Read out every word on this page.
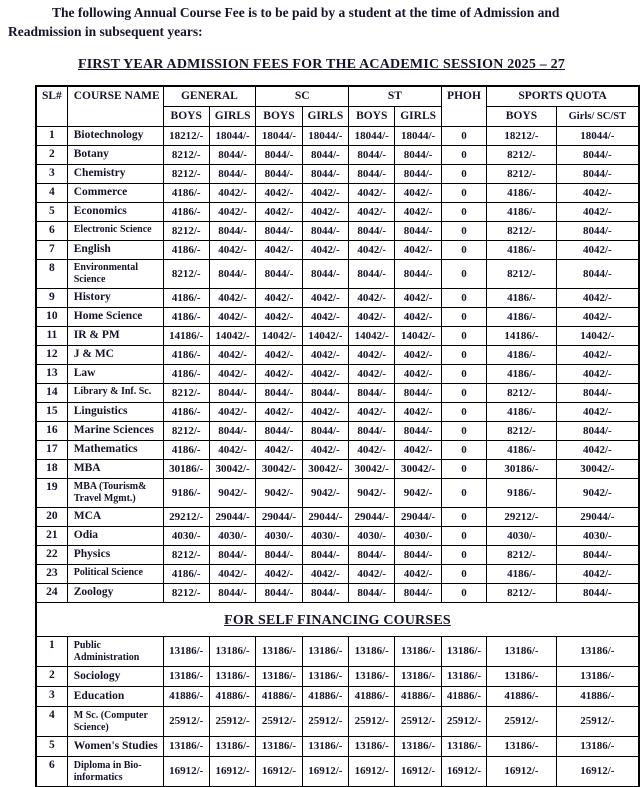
The following Annual Course Fee is to be paid by a student at the time of Admission and Readmission in subsequent years:

FIRST YEAR ADMISSION FEES FOR THE ACADEMIC SESSION 2025 – 27
SL#	COURSE NAME	GENERAL		SC		ST		PHOH	SPORTS QUOTA	
		BOYS	GIRLS	BOYS	GIRLS	BOYS	GIRLS		BOYS	Girls/ SC/ST
1	Biotechnology	18212/-	18044/-	18044/-	18044/-	18044/-	18044/-	0	18212/-	18044/-
2	Botany	8212/-	8044/-	8044/-	8044/-	8044/-	8044/-	0	8212/-	8044/-
3	Chemistry	8212/-	8044/-	8044/-	8044/-	8044/-	8044/-	0	8212/-	8044/-
4	Commerce	4186/-	4042/-	4042/-	4042/-	4042/-	4042/-	0	4186/-	4042/-
5	Economics	4186/-	4042/-	4042/-	4042/-	4042/-	4042/-	0	4186/-	4042/-
6	Electronic Science	8212/-	8044/-	8044/-	8044/-	8044/-	8044/-	0	8212/-	8044/-
7	English	4186/-	4042/-	4042/-	4042/-	4042/-	4042/-	0	4186/-	4042/-
8	Environmental Science	8212/-	8044/-	8044/-	8044/-	8044/-	8044/-	0	8212/-	8044/-
9	History	4186/-	4042/-	4042/-	4042/-	4042/-	4042/-	0	4186/-	4042/-
10	Home Science	4186/-	4042/-	4042/-	4042/-	4042/-	4042/-	0	4186/-	4042/-
11	IR & PM	14186/-	14042/-	14042/-	14042/-	14042/-	14042/-	0	14186/-	14042/-
12	J & MC	4186/-	4042/-	4042/-	4042/-	4042/-	4042/-	0	4186/-	4042/-
13	Law	4186/-	4042/-	4042/-	4042/-	4042/-	4042/-	0	4186/-	4042/-
14	Library & Inf. Sc.	8212/-	8044/-	8044/-	8044/-	8044/-	8044/-	0	8212/-	8044/-
15	Linguistics	4186/-	4042/-	4042/-	4042/-	4042/-	4042/-	0	4186/-	4042/-
16	Marine Sciences	8212/-	8044/-	8044/-	8044/-	8044/-	8044/-	0	8212/-	8044/-
17	Mathematics	4186/-	4042/-	4042/-	4042/-	4042/-	4042/-	0	4186/-	4042/-
18	MBA	30186/-	30042/-	30042/-	30042/-	30042/-	30042/-	0	30186/-	30042/-
19	MBA (Tourism& Travel Mgmt.)	9186/-	9042/-	9042/-	9042/-	9042/-	9042/-	0	9186/-	9042/-
20	MCA	29212/-	29044/-	29044/-	29044/-	29044/-	29044/-	0	29212/-	29044/-
21	Odia	4030/-	4030/-	4030/-	4030/-	4030/-	4030/-	0	4030/-	4030/-
22	Physics	8212/-	8044/-	8044/-	8044/-	8044/-	8044/-	0	8212/-	8044/-
23	Political Science	4186/-	4042/-	4042/-	4042/-	4042/-	4042/-	0	4186/-	4042/-
24	Zoology	8212/-	8044/-	8044/-	8044/-	8044/-	8044/-	0	8212/-	8044/-
FOR SELF FINANCING COURSES										
1	Public Administration	13186/-	13186/-	13186/-	13186/-	13186/-	13186/-	13186/-	13186/-	13186/-
2	Sociology	13186/-	13186/-	13186/-	13186/-	13186/-	13186/-	13186/-	13186/-	13186/-
3	Education	41886/-	41886/-	41886/-	41886/-	41886/-	41886/-	41886/-	41886/-	41886/-
4	M Sc. (Computer Science)	25912/-	25912/-	25912/-	25912/-	25912/-	25912/-	25912/-	25912/-	25912/-
5	Women's Studies	13186/-	13186/-	13186/-	13186/-	13186/-	13186/-	13186/-	13186/-	13186/-
6	Diploma in Bio-informatics	16912/-	16912/-	16912/-	16912/-	16912/-	16912/-	16912/-	16912/-	16912/-
